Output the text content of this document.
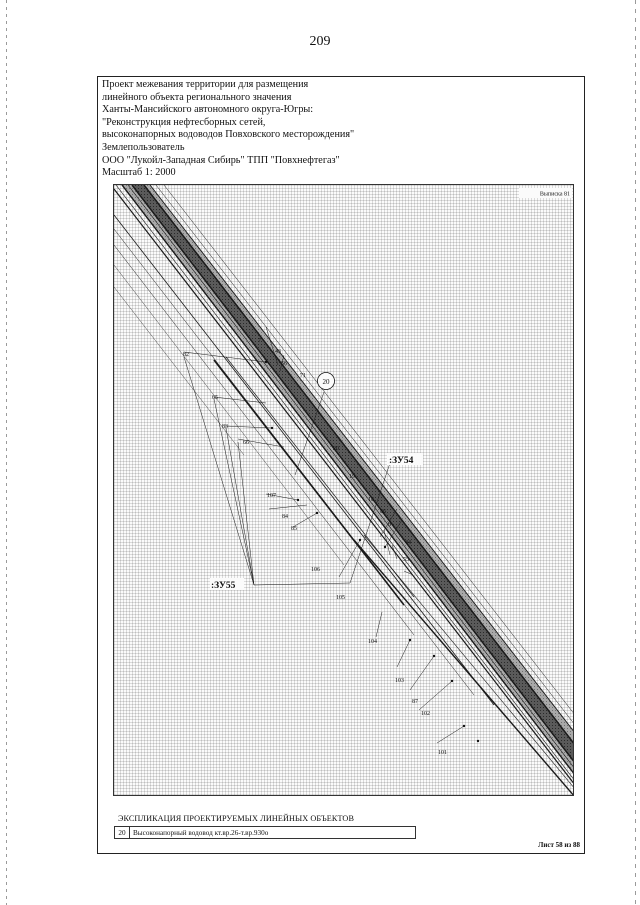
209
Проект межевания территории для размещения
линейного объекта регионального значения
Ханты-Мансийского автономного округа-Югры:
"Реконструкция нефтесборных сетей,
высоконапорных водоводов Повховского месторождения"
Землепользователь
ООО "Лукойл-Западная Сибирь" ТПП "Повхнефтегаз"
Масштаб 1: 2000
20
Выписка 81
:ЗУ54
:ЗУ55
82
7
43
56
71
65
83
66
20
19
107
18
84
85
86
8
44
55
106
105
104
103
87
102
101
ЭКСПЛИКАЦИЯ ПРОЕКТИРУЕМЫХ ЛИНЕЙНЫХ ОБЪЕКТОВ
20	Высоконапорный водовод кт.вр.26-т.вр.930о
Лист 58 из 88
